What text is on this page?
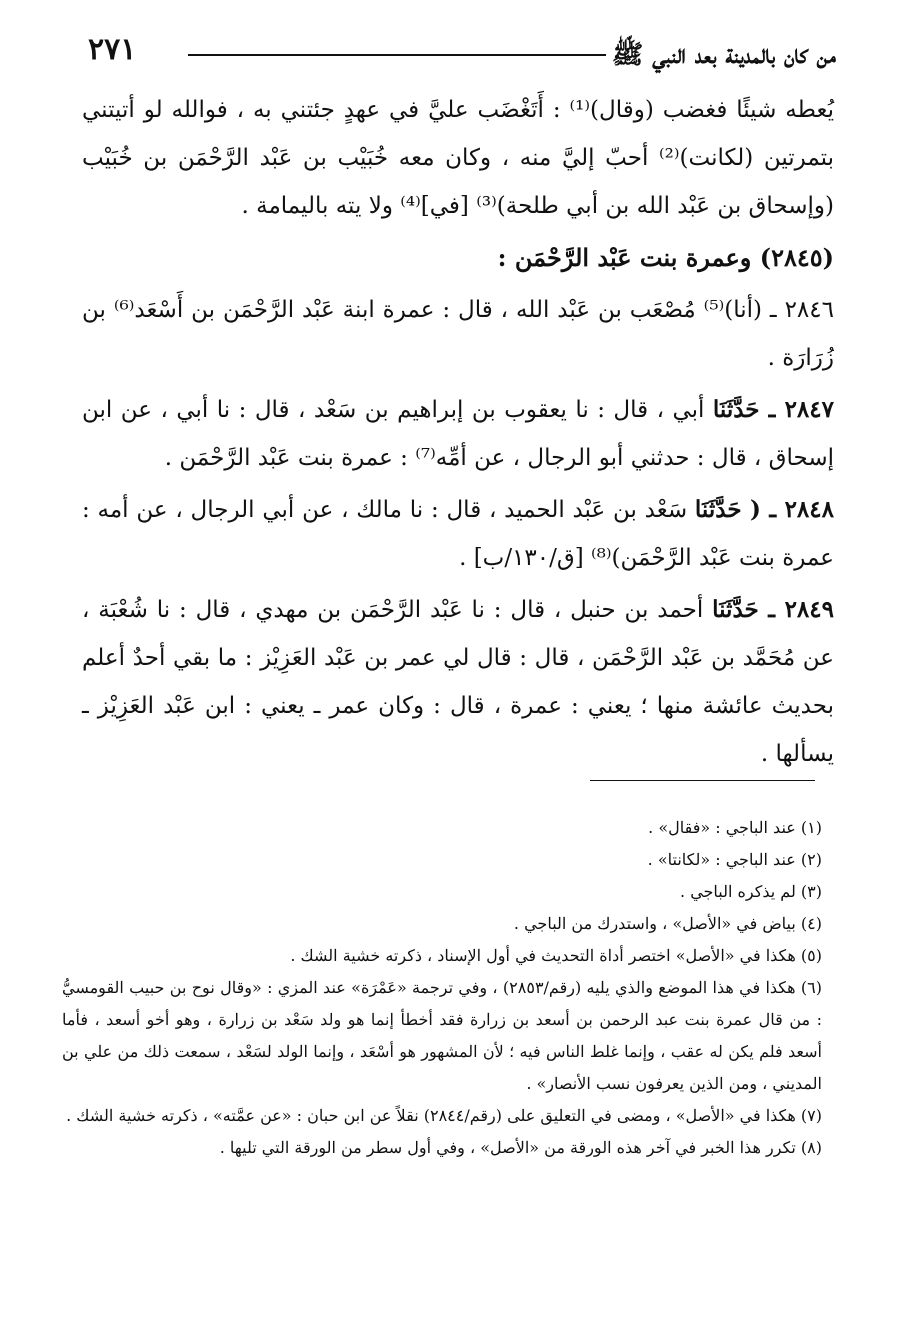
٢٧١	من كان بالمدينة بعد النبي ﷺ

يُعطه شيئًا فغضب (وقال)⁽¹⁾ : أَتَغْضَب عليَّ في عهدٍ جئتني به ، فوالله لو أتيتني بتمرتين (لكانت)⁽²⁾ أحبّ إليَّ منه ، وكان معه خُبَيْب بن عَبْد الرَّحْمَن بن خُبَيْب (وإسحاق بن عَبْد الله بن أبي طلحة)⁽³⁾ [في]⁽⁴⁾ ولا يته باليمامة .

(٢٨٤٥) وعمرة بنت عَبْد الرَّحْمَن :

٢٨٤٦ ـ (أنا)⁽⁵⁾ مُصْعَب بن عَبْد الله ، قال : عمرة ابنة عَبْد الرَّحْمَن بن أَسْعَد⁽⁶⁾ بن زُرَارَة .

٢٨٤٧ ـ حَدَّثَنَا أبي ، قال : نا يعقوب بن إبراهيم بن سَعْد ، قال : نا أبي ، عن ابن إسحاق ، قال : حدثني أبو الرجال ، عن أمِّه⁽⁷⁾ : عمرة بنت عَبْد الرَّحْمَن .

٢٨٤٨ ـ ( حَدَّثَنَا سَعْد بن عَبْد الحميد ، قال : نا مالك ، عن أبي الرجال ، عن أمه : عمرة بنت عَبْد الرَّحْمَن)⁽⁸⁾ [ق/١٣٠/ب] .

٢٨٤٩ ـ حَدَّثَنَا أحمد بن حنبل ، قال : نا عَبْد الرَّحْمَن بن مهدي ، قال : نا شُعْبَة ، عن مُحَمَّد بن عَبْد الرَّحْمَن ، قال : قال لي عمر بن عَبْد العَزِيْز : ما بقي أحدٌ أعلم بحديث عائشة منها ؛ يعني : عمرة ، قال : وكان عمر ـ يعني : ابن عَبْد العَزِيْز ـ يسألها .

(١) عند الباجي : «فقال» .

(٢) عند الباجي : «لكانتا» .

(٣) لم يذكره الباجي .

(٤) بياض في «الأصل» ، واستدرك من الباجي .

(٥) هكذا في «الأصل» اختصر أداة التحديث في أول الإسناد ، ذكرته خشية الشك .

(٦) هكذا في هذا الموضع والذي يليه (رقم/٢٨٥٣) ، وفي ترجمة «عَمْرَة» عند المزي : «وقال نوح بن حبيب القومسيُّ : من قال عمرة بنت عبد الرحمن بن أسعد بن زرارة فقد أخطأ إنما هو ولد سَعْد بن زرارة ، وهو أخو أسعد ، فأما أسعد فلم يكن له عقب ، وإنما غلط الناس فيه ؛ لأن المشهور هو أسْعَد ، وإنما الولد لسَعْد ، سمعت ذلك من علي بن المديني ، ومن الذين يعرفون نسب الأنصار» .

(٧) هكذا في «الأصل» ، ومضى في التعليق على (رقم/٢٨٤٤) نقلاً عن ابن حبان : «عن عمَّته» ، ذكرته خشية الشك .

(٨) تكرر هذا الخبر في آخر هذه الورقة من «الأصل» ، وفي أول سطر من الورقة التي تليها .
